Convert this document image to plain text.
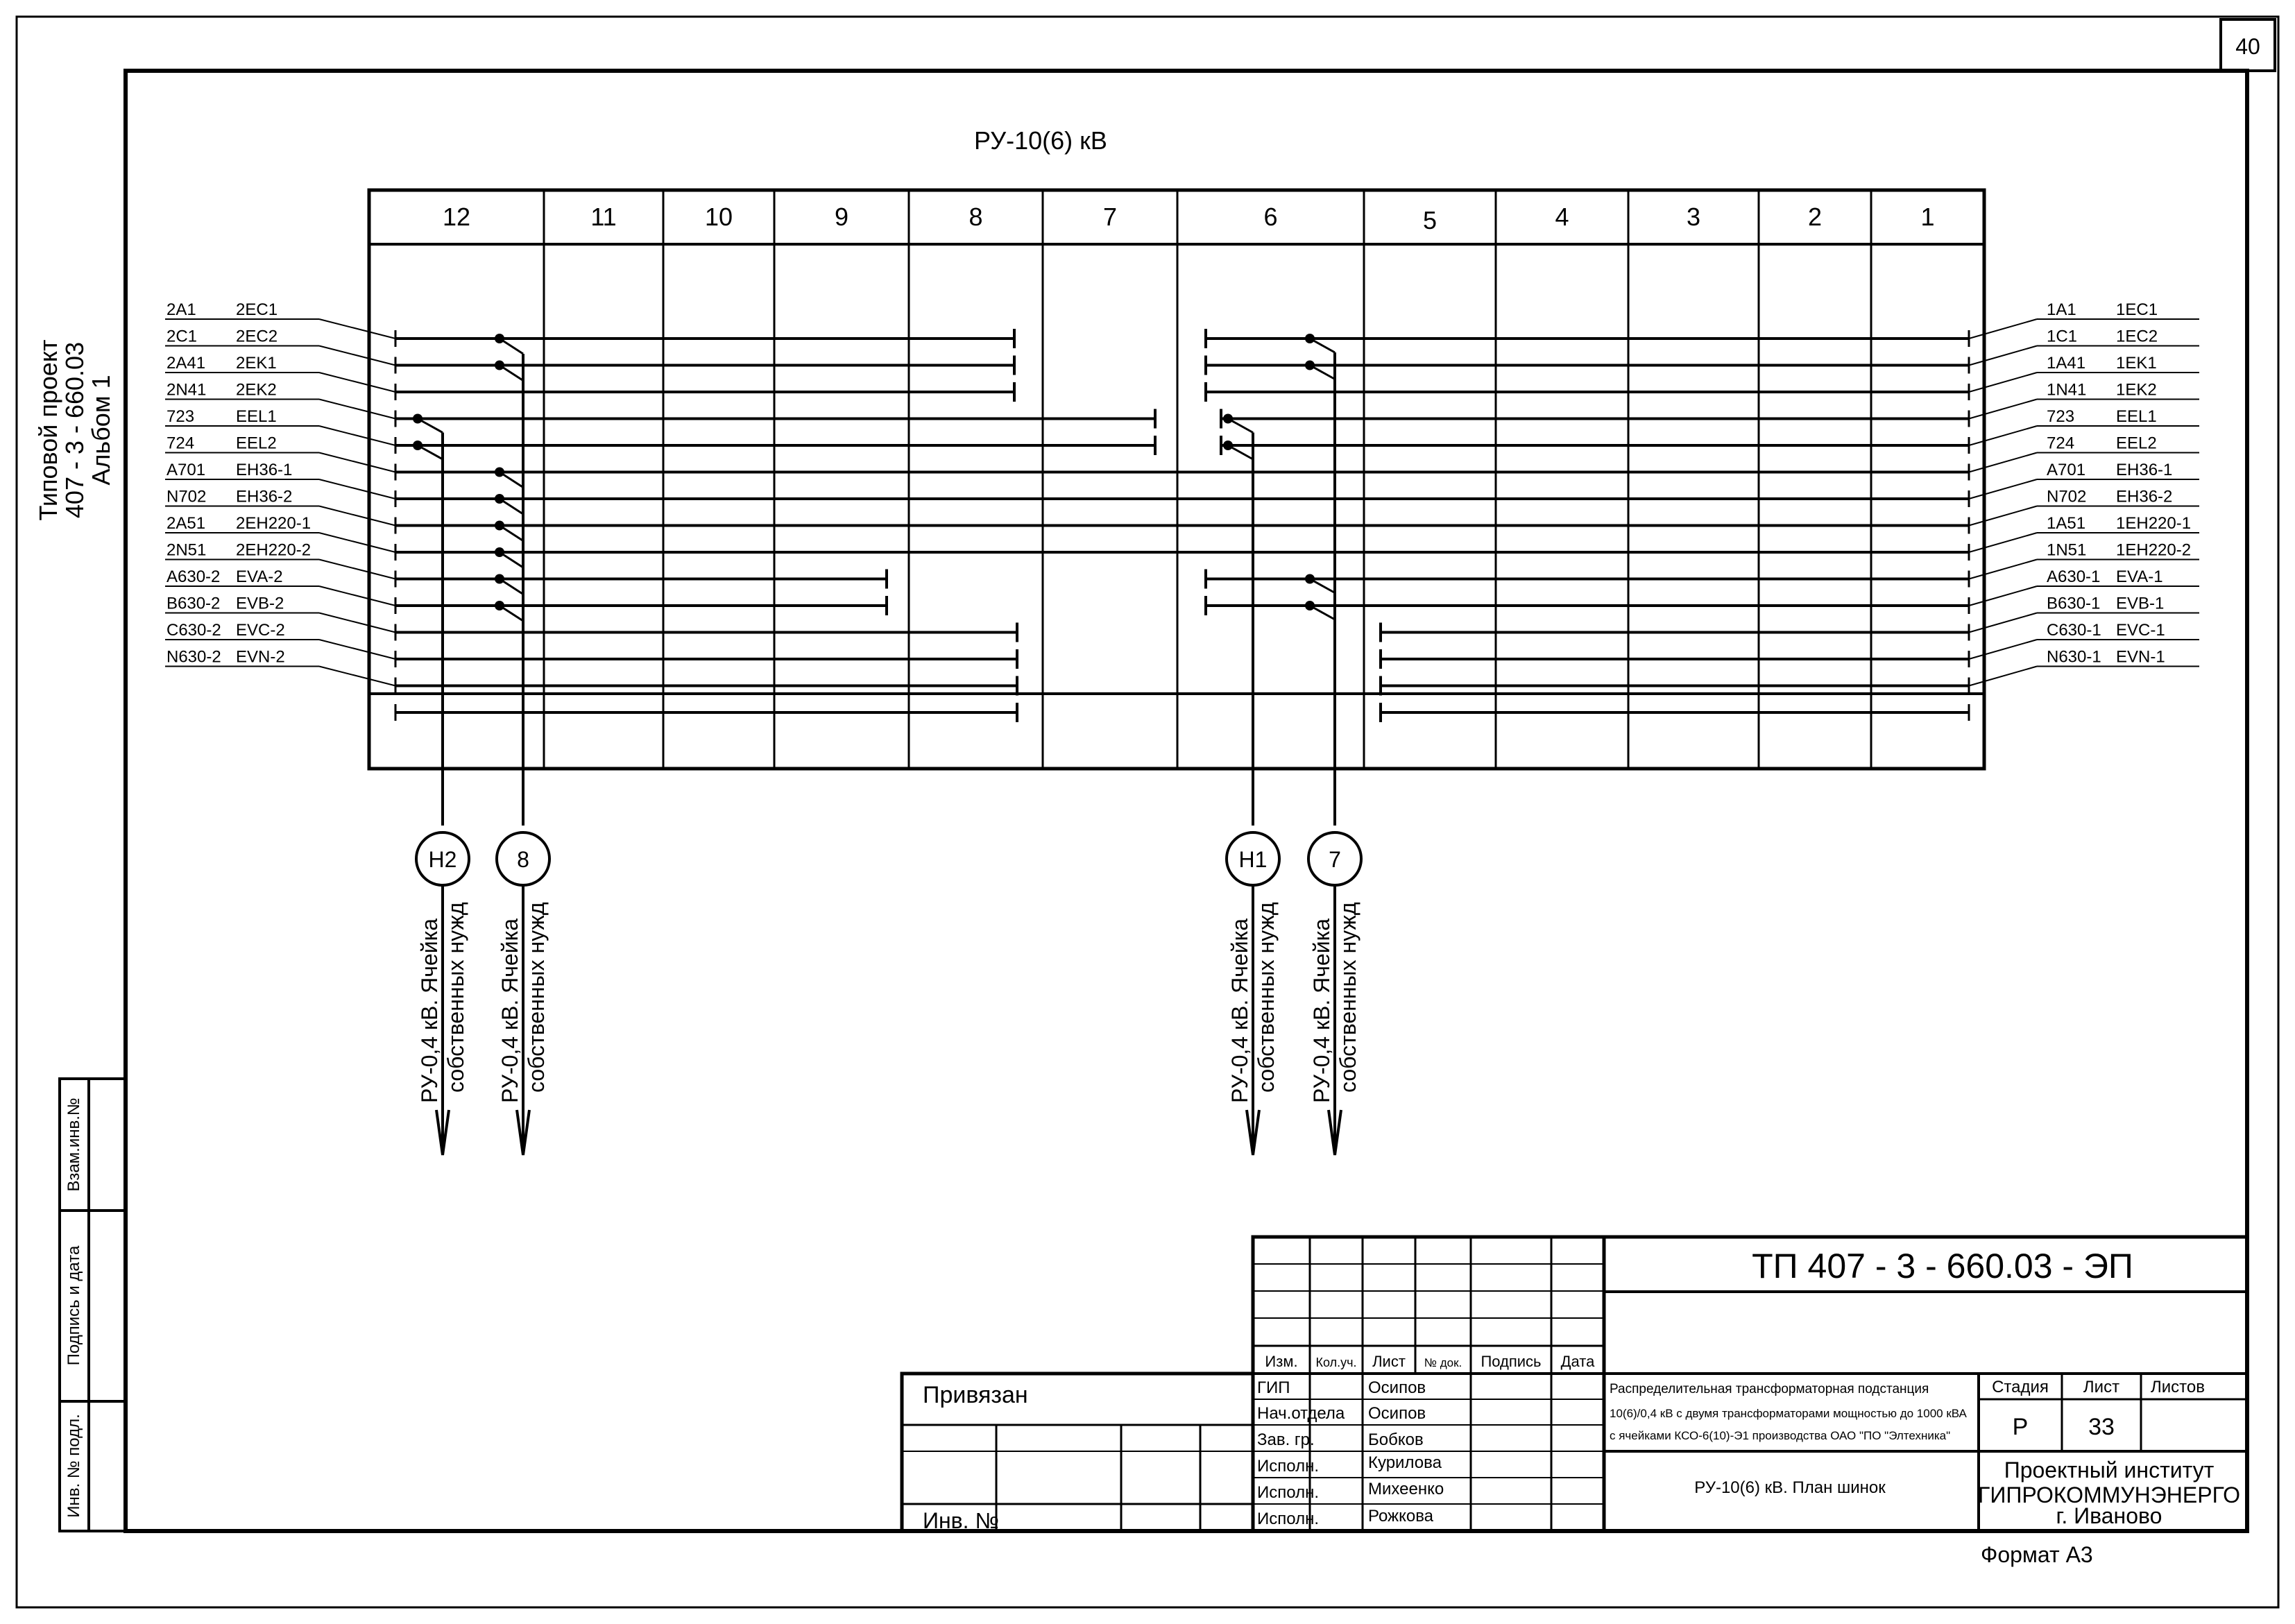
40
Типовой проект
407 - 3 - 660.03
Альбом 1
Взам.инв.№
Подпись и дата
Инв. № подл.
РУ-10(6) кВ
12	11	10	9	8	7	6	5	4	3	2	1
2A1 2EC1
2C1 2EC2
2A41 2EK1
2N41 2EK2
723 EEL1
724 EEL2
A701 EH36-1
N702 EH36-2
2A51 2EH220-1
2N51 2EH220-2
A630-2 EVA-2
B630-2 EVB-2
C630-2 EVC-2
N630-2 EVN-2
1A1 1EC1
1C1 1EC2
1A41 1EK1
1N41 1EK2
723 EEL1
724 EEL2
A701 EH36-1
N702 EH36-2
1A51 1EH220-1
1N51 1EH220-2
A630-1 EVA-1
B630-1 EVB-1
C630-1 EVC-1
N630-1 EVN-1
Н2
РУ-0,4 кВ. Ячейка собственных нужд
8
РУ-0,4 кВ. Ячейка собственных нужд
Н1
РУ-0,4 кВ. Ячейка собственных нужд
7
РУ-0,4 кВ. Ячейка собственных нужд
Привязан
Инв. №
Изм. Кол.уч. Лист № док. Подпись Дата
ГИП	Осипов
Нач.отдела Осипов
Зав. гр.	Бобков
Исполн.	Курилова
Исполн.	Михеенко
Исполн.	Рожкова
ТП 407 - 3 - 660.03 - ЭП
Распределительная трансформаторная подстанция
10(6)/0,4 кВ с двумя трансформаторами мощностью до 1000 кВА
с ячейками КСО-6(10)-Э1 производства ОАО "ПО "Элтехника"
РУ-10(6) кВ. План шинок
Стадия Лист Листов
Р	33
Проектный институт
ГИПРОКОММУНЭНЕРГО
г. Иваново
Формат А3
